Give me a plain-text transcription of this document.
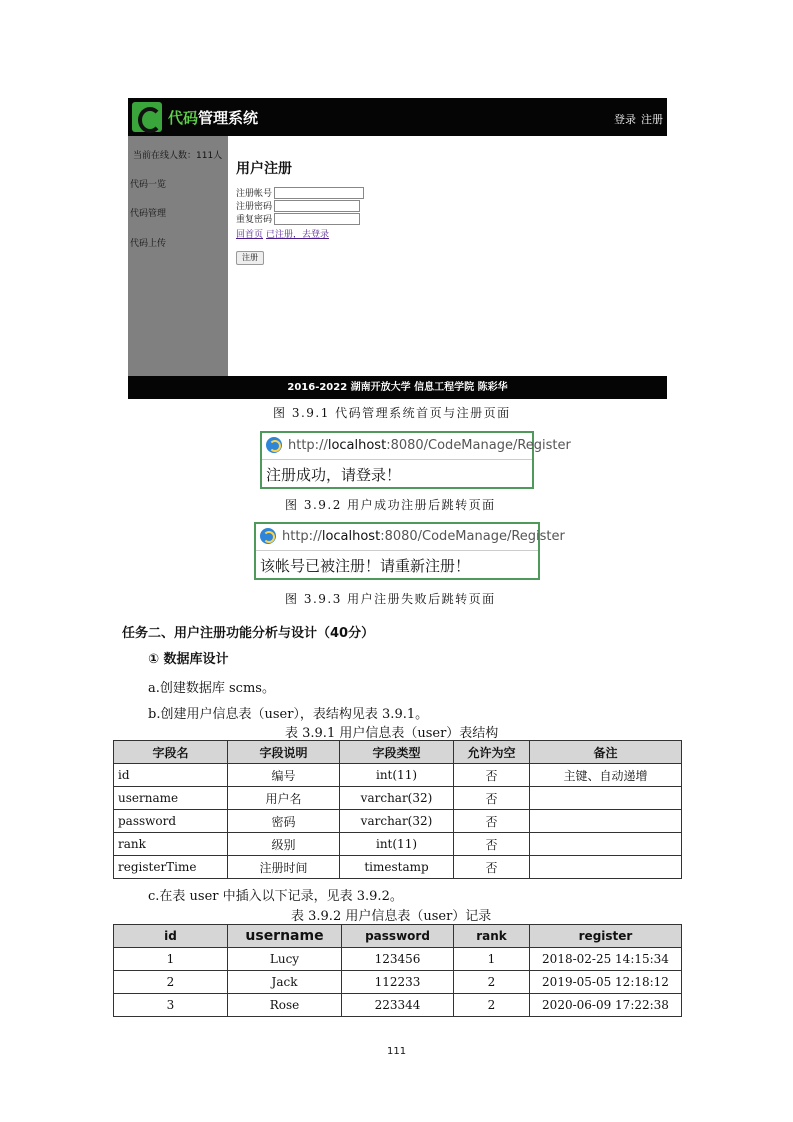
代码管理系统	登录 注册
当前在线人数：111人
代码一览
代码管理
代码上传
用户注册
注册帐号
注册密码
重复密码
回首页 已注册，去登录
注册
2016-2022 湖南开放大学 信息工程学院 陈彩华
图 3.9.1 代码管理系统首页与注册页面
http://localhost:8080/CodeManage/Register
注册成功，请登录！
图 3.9.2 用户成功注册后跳转页面
http://localhost:8080/CodeManage/Register
该帐号已被注册！请重新注册！
图 3.9.3 用户注册失败后跳转页面
任务二、用户注册功能分析与设计（40分）
① 数据库设计
a.创建数据库 scms。
b.创建用户信息表（user），表结构见表 3.9.1。
表 3.9.1 用户信息表（user）表结构
字段名	字段说明	字段类型	允许为空	备注
id	编号	int(11)	否	主键、自动递增
username	用户名	varchar(32)	否	
password	密码	varchar(32)	否	
rank	级别	int(11)	否	
registerTime	注册时间	timestamp	否	
c.在表 user 中插入以下记录，见表 3.9.2。
表 3.9.2 用户信息表（user）记录
id	username	password	rank	register
1	Lucy	123456	1	2018-02-25 14:15:34
2	Jack	112233	2	2019-05-05 12:18:12
3	Rose	223344	2	2020-06-09 17:22:38
111
